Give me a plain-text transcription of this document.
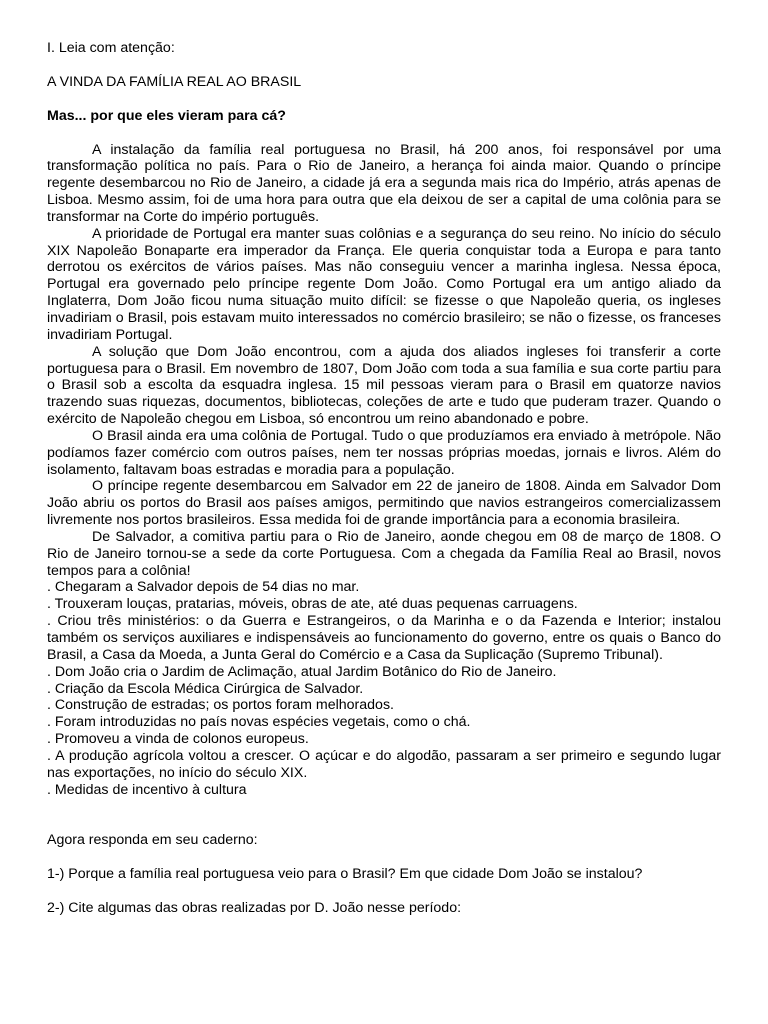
I. Leia com atenção:

A VINDA DA FAMÍLIA REAL AO BRASIL

Mas... por que eles vieram para cá?

A instalação da família real portuguesa no Brasil, há 200 anos, foi responsável por uma transformação política no país. Para o Rio de Janeiro, a herança foi ainda maior. Quando o príncipe regente desembarcou no Rio de Janeiro, a cidade já era a segunda mais rica do Império, atrás apenas de Lisboa. Mesmo assim, foi de uma hora para outra que ela deixou de ser a capital de uma colônia para se transformar na Corte do império português.

A prioridade de Portugal era manter suas colônias e a segurança do seu reino. No início do século XIX Napoleão Bonaparte era imperador da França. Ele queria conquistar toda a Europa e para tanto derrotou os exércitos de vários países. Mas não conseguiu vencer a marinha inglesa. Nessa época, Portugal era governado pelo príncipe regente Dom João. Como Portugal era um antigo aliado da Inglaterra, Dom João ficou numa situação muito difícil: se fizesse o que Napoleão queria, os ingleses invadiriam o Brasil, pois estavam muito interessados no comércio brasileiro; se não o fizesse, os franceses invadiriam Portugal.

A solução que Dom João encontrou, com a ajuda dos aliados ingleses foi transferir a corte portuguesa para o Brasil. Em novembro de 1807, Dom João com toda a sua família e sua corte partiu para o Brasil sob a escolta da esquadra inglesa. 15 mil pessoas vieram para o Brasil em quatorze navios trazendo suas riquezas, documentos, bibliotecas, coleções de arte e tudo que puderam trazer. Quando o exército de Napoleão chegou em Lisboa, só encontrou um reino abandonado e pobre.

O Brasil ainda era uma colônia de Portugal. Tudo o que produzíamos era enviado à metrópole. Não podíamos fazer comércio com outros países, nem ter nossas próprias moedas, jornais e livros. Além do isolamento, faltavam boas estradas e moradia para a população.

O príncipe regente desembarcou em Salvador em 22 de janeiro de 1808. Ainda em Salvador Dom João abriu os portos do Brasil aos países amigos, permitindo que navios estrangeiros comercializassem livremente nos portos brasileiros. Essa medida foi de grande importância para a economia brasileira.

De Salvador, a comitiva partiu para o Rio de Janeiro, aonde chegou em 08 de março de 1808. O Rio de Janeiro tornou-se a sede da corte Portuguesa. Com a chegada da Família Real ao Brasil, novos tempos para a colônia!

. Chegaram a Salvador depois de 54 dias no mar.

. Trouxeram louças, pratarias, móveis, obras de ate, até duas pequenas carruagens.

. Criou três ministérios: o da Guerra e Estrangeiros, o da Marinha e o da Fazenda e Interior; instalou também os serviços auxiliares e indispensáveis ao funcionamento do governo, entre os quais o Banco do Brasil, a Casa da Moeda, a Junta Geral do Comércio e a Casa da Suplicação (Supremo Tribunal).

. Dom João cria o Jardim de Aclimação, atual Jardim Botânico do Rio de Janeiro.

. Criação da Escola Médica Cirúrgica de Salvador.

. Construção de estradas; os portos foram melhorados.

. Foram introduzidas no país novas espécies vegetais, como o chá.

. Promoveu a vinda de colonos europeus.

. A produção agrícola voltou a crescer. O açúcar e do algodão, passaram a ser primeiro e segundo lugar nas exportações, no início do século XIX.

. Medidas de incentivo à cultura

Agora responda em seu caderno:

1-) Porque a família real portuguesa veio para o Brasil? Em que cidade Dom João se instalou?

2-) Cite algumas das obras realizadas por D. João nesse período:
